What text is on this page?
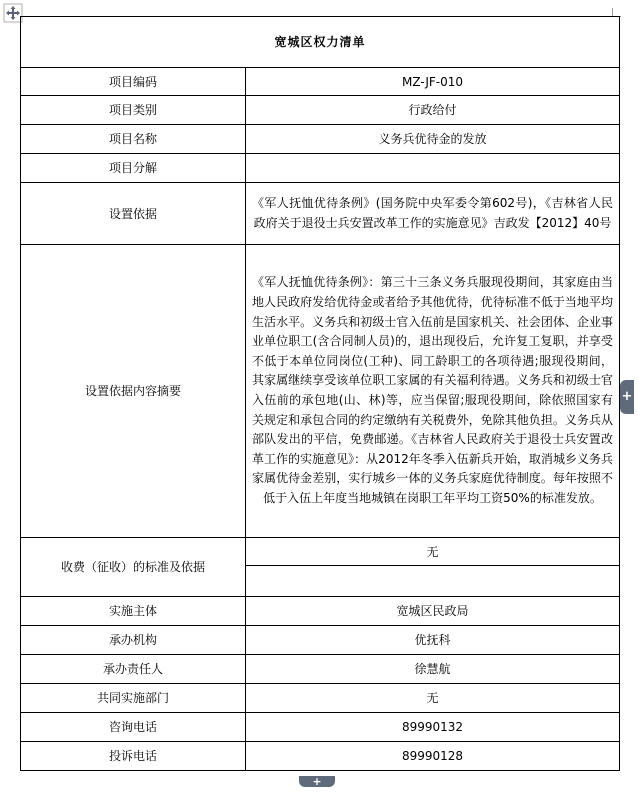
+
+
宽城区权力清单	
项目编码	MZ-JF-010
项目类别	行政给付
项目名称	义务兵优待金的发放
项目分解	
设置依据	《军人抚恤优待条例》(国务院中央军委令第602号)，《吉林省人民政府关于退役士兵安置改革工作的实施意见》吉政发【2012】40号
设置依据内容摘要	《军人抚恤优待条例》：第三十三条义务兵服现役期间，其家庭由当地人民政府发给优待金或者给予其他优待，优待标准不低于当地平均生活水平。义务兵和初级士官入伍前是国家机关、社会团体、企业事业单位职工(含合同制人员)的，退出现役后，允许复工复职，并享受不低于本单位同岗位(工种)、同工龄职工的各项待遇;服现役期间，其家属继续享受该单位职工家属的有关福利待遇。义务兵和初级士官入伍前的承包地(山、林)等，应当保留;服现役期间，除依照国家有关规定和承包合同的约定缴纳有关税费外，免除其他负担。义务兵从部队发出的平信，免费邮递。《吉林省人民政府关于退役士兵安置改革工作的实施意见》：从2012年冬季入伍新兵开始，取消城乡义务兵家属优待金差别，实行城乡一体的义务兵家庭优待制度。每年按照不低于入伍上年度当地城镇在岗职工年平均工资50%的标准发放。
收费（征收）的标准及依据	无

实施主体	宽城区民政局
承办机构	优抚科
承办责任人	徐慧航
共同实施部门	无
咨询电话	89990132
投诉电话	89990128
